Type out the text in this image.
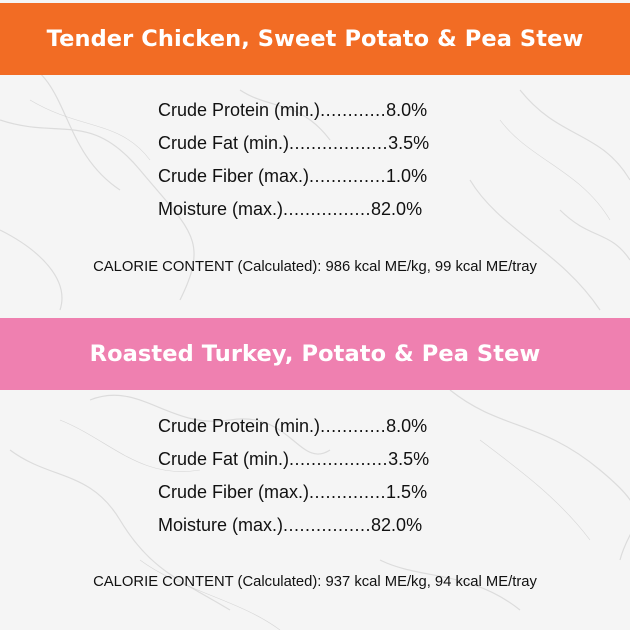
Tender Chicken, Sweet Potato & Pea Stew
Crude Protein (min.) ............ 8.0%
Crude Fat (min.) .................. 3.5%
Crude Fiber (max.) .............. 1.0%
Moisture (max.) ................ 82.0%
CALORIE CONTENT (Calculated): 986 kcal ME/kg, 99 kcal ME/tray
Roasted Turkey, Potato & Pea Stew
Crude Protein (min.) ............ 8.0%
Crude Fat (min.) .................. 3.5%
Crude Fiber (max.) .............. 1.5%
Moisture (max.) ................ 82.0%
CALORIE CONTENT (Calculated): 937 kcal ME/kg, 94 kcal ME/tray
